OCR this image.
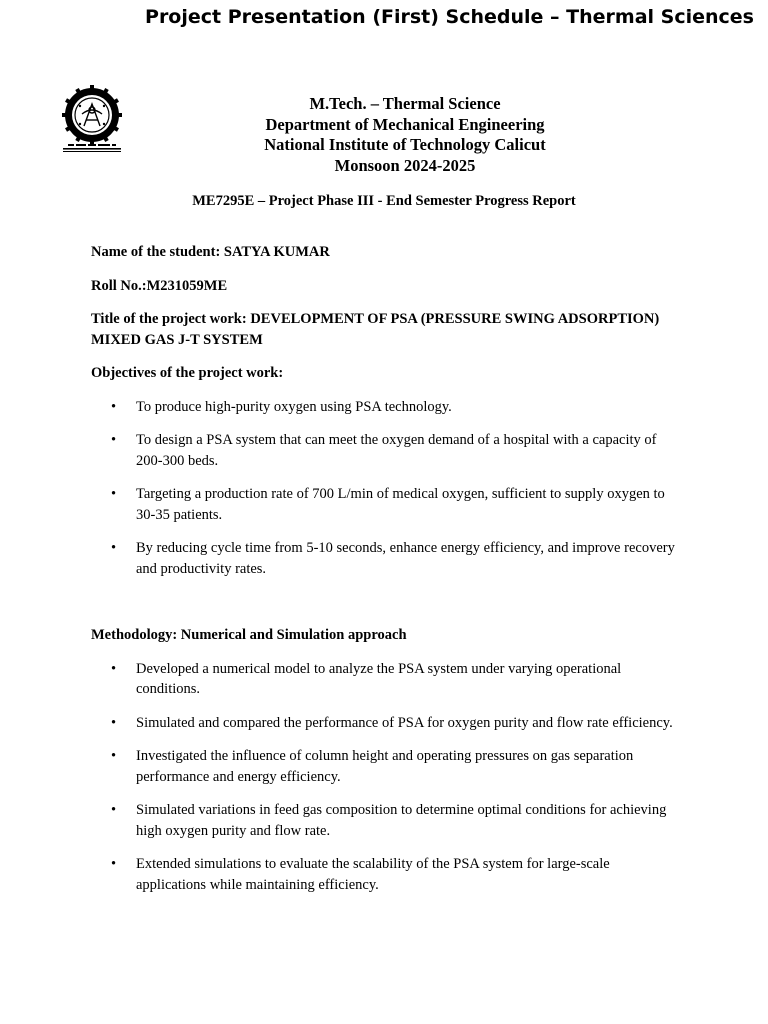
Project Presentation (First) Schedule – Thermal Sciences
M.Tech. – Thermal Science
Department of Mechanical Engineering
National Institute of Technology Calicut
Monsoon 2024-2025
ME7295E – Project Phase III - End Semester Progress Report

Name of the student: SATYA KUMAR

Roll No.:M231059ME

Title of the project work: DEVELOPMENT OF PSA (PRESSURE SWING ADSORPTION) MIXED GAS J-T SYSTEM

Objectives of the project work:

• To produce high-purity oxygen using PSA technology.
• To design a PSA system that can meet the oxygen demand of a hospital with a capacity of 200-300 beds.
• Targeting a production rate of 700 L/min of medical oxygen, sufficient to supply oxygen to 30-35 patients.
• By reducing cycle time from 5-10 seconds, enhance energy efficiency, and improve recovery and productivity rates.

Methodology: Numerical and Simulation approach

• Developed a numerical model to analyze the PSA system under varying operational conditions.
• Simulated and compared the performance of PSA for oxygen purity and flow rate efficiency.
• Investigated the influence of column height and operating pressures on gas separation performance and energy efficiency.
• Simulated variations in feed gas composition to determine optimal conditions for achieving high oxygen purity and flow rate.
• Extended simulations to evaluate the scalability of the PSA system for large-scale applications while maintaining efficiency.
